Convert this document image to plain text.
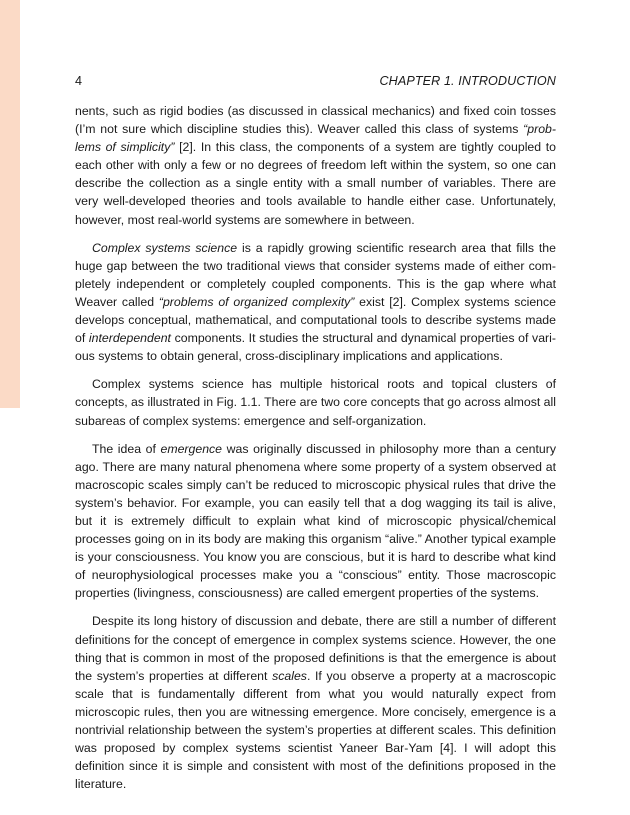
4	CHAPTER 1. INTRODUCTION

nents, such as rigid bodies (as discussed in classical mechanics) and fixed coin tosses (I’m not sure which discipline studies this). Weaver called this class of systems “problems of simplicity” [2]. In this class, the components of a system are tightly coupled to each other with only a few or no degrees of freedom left within the system, so one can describe the collection as a single entity with a small number of variables. There are very well-developed theories and tools available to handle either case. Unfortunately, however, most real-world systems are somewhere in between.

Complex systems science is a rapidly growing scientific research area that fills the huge gap between the two traditional views that consider systems made of either completely independent or completely coupled components. This is the gap where what Weaver called “problems of organized complexity” exist [2]. Complex systems science develops conceptual, mathematical, and computational tools to describe systems made of interdependent components. It studies the structural and dynamical properties of various systems to obtain general, cross-disciplinary implications and applications.

Complex systems science has multiple historical roots and topical clusters of concepts, as illustrated in Fig. 1.1. There are two core concepts that go across almost all subareas of complex systems: emergence and self-organization.

The idea of emergence was originally discussed in philosophy more than a century ago. There are many natural phenomena where some property of a system observed at macroscopic scales simply can’t be reduced to microscopic physical rules that drive the system’s behavior. For example, you can easily tell that a dog wagging its tail is alive, but it is extremely difficult to explain what kind of microscopic physical/chemical processes going on in its body are making this organism “alive.” Another typical example is your consciousness. You know you are conscious, but it is hard to describe what kind of neurophysiological processes make you a “conscious” entity. Those macroscopic properties (livingness, consciousness) are called emergent properties of the systems.

Despite its long history of discussion and debate, there are still a number of different definitions for the concept of emergence in complex systems science. However, the one thing that is common in most of the proposed definitions is that the emergence is about the system’s properties at different scales. If you observe a property at a macroscopic scale that is fundamentally different from what you would naturally expect from microscopic rules, then you are witnessing emergence. More concisely, emergence is a nontrivial relationship between the system’s properties at different scales. This definition was proposed by complex systems scientist Yaneer Bar-Yam [4]. I will adopt this definition since it is simple and consistent with most of the definitions proposed in the literature.
